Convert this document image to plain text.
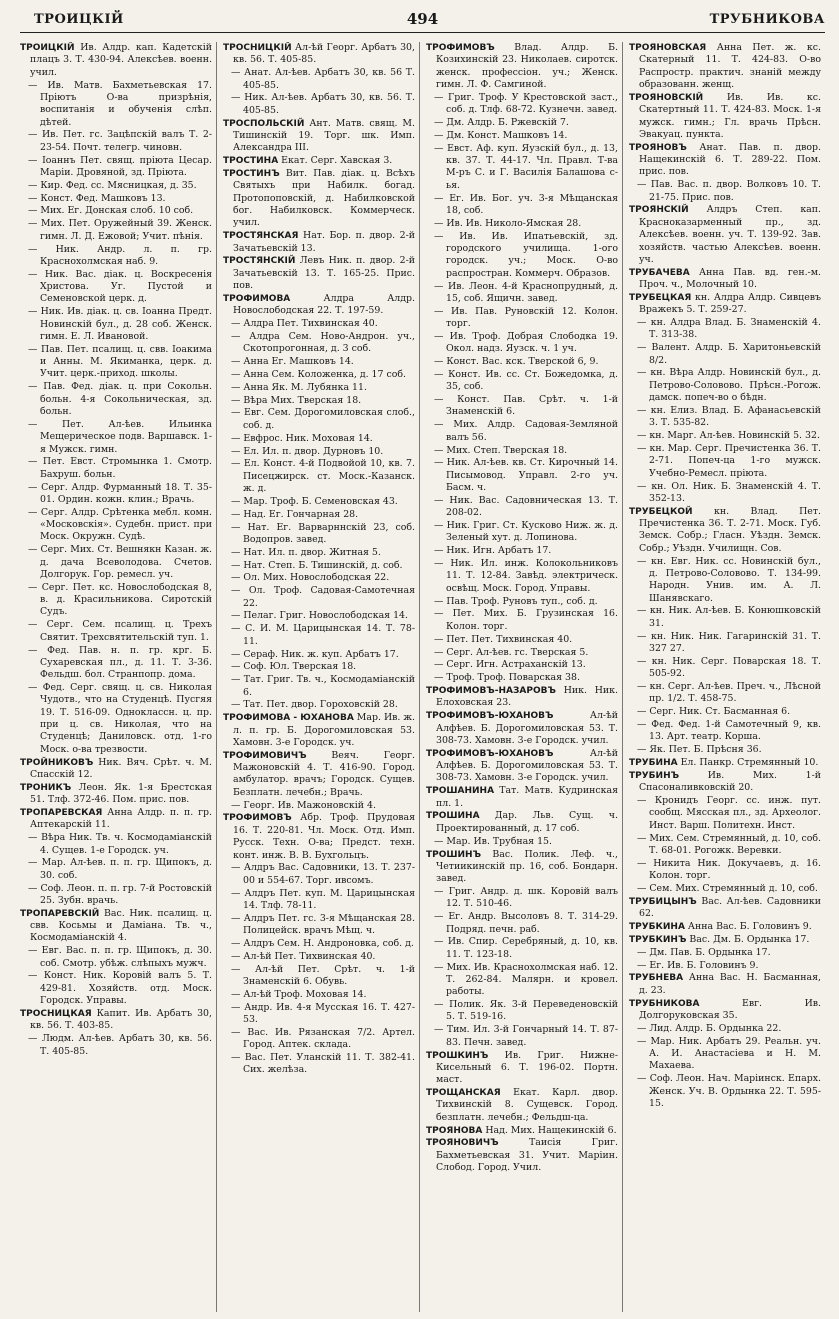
ТРОИЦКІЙ	494	ТРУБНИКОВА
ТРОИЦКІЙ Ив. Алдр. кап. Кадетскій плацъ 3. Т. 430-94. Алексѣев. военн. учил.
— Ив. Матв. Бахметьевская 17. Пріютъ О-ва призрѣнія, воспитанія и обученія слѣп. дѣтей.
— Ив. Пет. гс. Зацѣпскій валъ Т. 2-23-54. Почт. телегр. чиновн.
— Іоаннъ Пет. свящ. пріюта Цесар. Маріи. Дровяной, зд. Пріюта.
— Кир. Фед. сс. Мясницкая, д. 35.
— Конст. Фед. Машковъ 13.
— Мих. Ег. Донская слоб. 10 соб.
— Мих. Пет. Оружейный 39. Женск. гимн. Л. Д. Ежовой; Учит. пѣнія.
— Ник. Андр. л. п. гр. Краснохолмская наб. 9.
— Ник. Вас. діак. ц. Воскресенія Христова. Уг. Пустой и Семеновской церк. д.
— Ник. Ив. діак. ц. св. Іоанна Предт. Новинскій бул., д. 28 соб. Женск. гимн. Е. Л. Ивановой.
— Пав. Пет. псалищ. ц. свв. Іоакима и Анны. М. Якиманка, церк. д. Учит. церк.-приход. школы.
— Пав. Фед. діак. ц. при Сокольн. больн. 4-я Сокольническая, зд. больн.
— Пет. Ал-ѣев. Ильинка Мещерическое подв. Варшавск. 1-я Мужск. гимн.
— Пет. Евст. Стромынка 1. Смотр. Бахруш. больн.
— Серг. Алдр. Фурманный 18. Т. 35-01. Ордин. кожн. клин.; Врачь.
— Серг. Алдр. Срѣтенка мебл. комн. «Московскія». Судебн. прист. при Моск. Окружн. Судѣ.
— Серг. Мих. Ст. Вешнякн Казан. ж. д. дача Всеволодова. Счетов. Долгорук. Гор. ремесл. уч.
— Серг. Пет. кс. Новослободская 8, в. д. Красильникова. Сиротскій Судъ.
— Серг. Сем. псалищ. ц. Трехъ Святит. Трехсвятительскій туп. 1.
— Фед. Пав. н. п. гр. крг. Б. Сухаревская пл., д. 11. Т. 3-36. Фельдш. бол. Странпопр. дома.
— Фед. Серг. свящ. ц. св. Николая Чудотв., что на Студенцѣ. Пусгяя 19. Т. 516-09. Одноклассн. ц. пр. при ц. св. Николая, что на Студенцѣ; Даниловск. отд. 1-го Моск. о-ва трезвости.
ТРОЙНИКОВЪ Ник. Вяч. Срѣт. ч. М. Спасскій 12.
ТРОНИКЪ Леон. Як. 1-я Брестская 51. Тлф. 372-46. Пом. прис. пов.
ТРОПАРЕВСКАЯ Анна Алдр. п. п. гр. Аптекарскій 11.
— Вѣра Ник. Тв. ч. Космодаміанскій 4. Сущев. 1-е Городск. уч.
— Мар. Ал-ѣев. п. п. гр. Щипокъ, д. 30. соб.
— Соф. Леон. п. п. гр. 7-й Ростовскій 25. Зубн. врачь.
ТРОПАРЕВСКІЙ Вас. Ник. псалищ. ц. свв. Косьмы и Даміана. Тв. ч., Космодаміанскій 4.
— Евг. Вас. п. п. гр. Щипокъ, д. 30. соб. Смотр. убѣж. слѣпыхъ мужч.
— Конст. Ник. Коровій валъ 5. Т. 429-81. Хозяйств. отд. Моск. Городск. Управы.
ТРОСНИЦКАЯ Капит. Ив. Арбатъ 30, кв. 56. Т. 403-85.
— Людм. Ал-ѣев. Арбатъ 30, кв. 56. Т. 405-85.
ТРОСНИЦКІЙ Ал-ѣй Георг. Арбатъ 30, кв. 56. Т. 405-85.
— Анат. Ал-ѣев. Арбатъ 30, кв. 56 Т. 405-85.
— Ник. Ал-ѣев. Арбатъ 30, кв. 56. Т. 405-85.
ТРОСПОЛЬСКІЙ Ант. Матв. свящ. М. Тишинскій 19. Торг. шк. Имп. Александра III.
ТРОСТИНА Екат. Серг. Хавская 3.
ТРОСТИНЪ Вит. Пав. діак. ц. Всѣхъ Святыхъ при Набилк. богад. Протопоповскій, д. Набилковской бог. Набилковск. Коммерческ. учил.
ТРОСТЯНСКАЯ Нат. Бор. п. двор. 2-й Зачатьевскій 13.
ТРОСТЯНСКІЙ Левъ Ник. п. двор. 2-й Зачатьевскій 13. Т. 165-25. Прис. пов.
ТРОФИМОВА	Алдра Алдр. Новослободская 22. Т. 197-59.
— Алдра Пет. Тихвинская 40.
— Алдра Сем. Ново-Андрон. уч., Скотопрогонная, д. 3 соб.
— Анна Ег. Машковъ 14.
— Анна Сем. Коложенка, д. 17 соб.
— Анна Як. М. Лубянка 11.
— Вѣра Мих. Тверская 18.
— Евг. Сем. Дорогомиловская слоб., соб. д.
— Евфрос. Ник. Моховая 14.
— Ел. Ил. п. двор. Дурновъ 10.
— Ел. Конст. 4-й Подвойой 10, кв. 7. Писецжирск. ст. Моск.-Казанск. ж. д.
— Мар. Троф. Б. Семеновская 43.
— Над. Ег. Гончарная 28.
— Нат. Ег. Варварннскій 23, соб. Водопров. завед.
— Нат. Ил. п. двор. Житная 5.
— Нат. Степ. Б. Тишинскій, д. соб.
— Ол. Мих. Новослободская 22.
— Ол. Троф. Садовая-Самотечная 22.
— Пелаг. Григ. Новослободская 14.
— С. И. М. Царицынская 14. Т. 78-11.
— Сераф. Ник. ж. куп. Арбатъ 17.
— Соф. Юл. Тверская 18.
— Тат. Григ. Тв. ч., Космодаміанскій 6.
— Тат. Пет. двор. Гороховскій 28.
ТРОФИМОВА - ЮХАНОВА Мар. Ив. ж. л. п. гр. Б. Дорогомиловская 53. Хамовн. 3-е Городск. уч.
ТРОФИМОВИЧЪ	Веяч. Георг. Мажоновскій 4. Т. 416-90. Город. амбулатор. врачъ; Городск. Сущев. Безплатн. лечебн.; Врачь.
— Георг. Ив. Мажоновскій 4.
ТРОФИМОВЪ Абр. Троф. Прудовая 16. Т. 220-81. Чл. Моск. Отд. Имп. Русск. Техн. О-ва; Предст. техн. конт. инж. В. В. Бухгольцъ.
— Алдръ Вас. Садовники, 13. Т. 237-00 и 554-67. Торг. ивсомъ.
— Алдръ Пет. куп. М. Царицынская 14. Тлф. 78-11.
— Алдръ Пет. гс. 3-я Мѣщанская 28. Полицейск. врачъ Мѣщ. ч.
— Алдръ Сем. Н. Андроновка, соб. д.
— Ал-ѣй Пет. Тихвинская 40.
— Ал-ѣй Пет. Срѣт. ч. 1-й Знаменскій 6. Обувь.
— Ал-ѣй Троф. Моховая 14.
— Андр. Ив. 4-я Мусская 16. Т. 427-53.
— Вас. Ив. Рязанская 7/2. Артел. Город. Аптек. склада.
— Вас. Пет. Уланскій 11. Т. 382-41. Сих. желѣза.
ТРОФИМОВЪ Влад. Алдр. Б. Козихинскій 23. Николаев. сиротск. женск. профессіон. уч.; Женск. гимн. Л. Ф. Самгиной.
— Григ. Троф. У Крестовской заст., соб. д. Тлф. 68-72. Кузнечн. завед.
— Дм. Алдр. Б. Ржевскій 7.
— Дм. Конст. Машковъ 14.
— Евст. Аф. куп. Яузскій бул., д. 13, кв. 37. Т. 44-17. Чл. Правл. Т-ва М-ръ С. и Г. Василія Балашова с-ья.
— Ег. Ив. Бог. уч. 3-я Мѣщанская 18, соб.
— Ив. Ив. Николо-Ямская 28.
— Ив. Ив. Ипатьевскій, зд. городского училища. 1-ого городск. уч.; Моск. О-во распростран. Коммерч. Образов.
— Ив. Леон. 4-й Краснопрудный, д. 15, соб. Ящичн. завед.
— Ив. Пав. Руновскій 12. Колон. торг.
— Ив. Троф. Добрая Слободка 19. Окол. надз. Яузск. ч. 1 уч.
— Конст. Вас. кск. Тверской 6, 9.
— Конст. Ив. сс. Ст. Божедомка, д. 35, соб.
— Конст. Пав. Срѣт. ч. 1-й Знаменскій 6.
— Мих. Алдр. Садовая-Земляной валъ 56.
— Мих. Степ. Тверская 18.
— Ник. Ал-ѣев. кв. Ст. Кирочный 14. Писымовод. Управл. 2-го уч. Басм. ч.
— Ник. Вас. Садовническая 13. Т. 208-02.
— Ник. Григ. Ст. Кусково Ниж. ж. д. Зеленый хут. д. Лопинова.
— Ник. Игн. Арбатъ 17.
— Ник. Ил. инж. Колокольниковъ 11. Т. 12-84. Завѣд. электрическ. освѣщ. Моск. Город. Управы.
— Пав. Троф. Руновъ туп., соб. д.
— Пет. Мих. Б. Грузинская 16. Колон. торг.
— Пет. Пет. Тихвинская 40.
— Серг. Ал-ѣев. гс. Тверская 5.
— Серг. Игн. Астраханскій 13.
— Троф. Троф. Поварская 38.
ТРОФИМОВЪ-НАЗАРОВЪ Ник. Ник. Елоховская 23.
ТРОФИМОВЪ-ЮХАНОВЪ	Ал-ѣй Алфѣев. Б. Дорогомиловская 53. Т. 308-73. Хамовн. 3-е Городск. учил.
ТРОФИМОВЪ-ЮХАНОВЪ	Ал-ѣй Алфѣев. Б. Дорогомиловская 53. Т. 308-73. Хамовн. 3-е Городск. учил.
ТРОШАНИНА Тат. Матв. Кудринская пл. 1.
ТРОШИНА Дар. Льв. Сущ. ч. Проектированный, д. 17 соб.
— Мар. Ив. Трубная 15.
ТРОШИНЪ Вас. Полик. Леф. ч., Четиикинскій пр. 16, соб. Бондарн. завед.
— Григ. Андр. д. шк. Коровій валъ 12. Т. 510-46.
— Ег. Андр. Высоловъ 8. Т. 314-29. Подряд. печн. раб.
— Ив. Спир. Серебряный, д. 10, кв. 11. Т. 123-18.
— Мих. Ив. Краснохолмская наб. 12. Т. 262-84. Малярн. и кровел. работы.
— Полик. Як. 3-й Переведеновскій 5. Т. 519-16.
— Тим. Ил. 3-й Гончарный 14. Т. 87-83. Печн. завед.
ТРОШКИНЪ Ив. Григ. Нижне-Кисельный 6. Т. 196-02. Портн. маст.
ТРОЩАНСКАЯ Екат. Карл. двор. Тихвинскій 8. Сущевск. Город. безплатн. лечебн.; Фельдш-ца.
ТРОЯНОВА Над. Мих. Нащекинскій 6.
ТРОЯНОВИЧЪ	Таисія Григ. Бахметьевская 31. Учит. Маріин. Слобод. Город. Учил.
ТРОЯНОВСКАЯ Анна Пет. ж. кс. Скатерный 11. Т. 424-83. О-во Распростр. практич. знаній между образованн. женщ.
ТРОЯНОВСКІЙ	Ив. Ив. кс. Скатертный 11. Т. 424-83. Моск. 1-я мужск. гимн.; Гл. врачь Прѣсн. Эвакуац. пункта.
ТРОЯНОВЪ Анат. Пав. п. двор. Нащекинскій 6. Т. 289-22. Пом. прис. пов.
— Пав. Вас. п. двор. Волковъ 10. Т. 21-75. Прис. пов.
ТРОЯНСКІЙ Алдръ Степ. кап. Красноказарменный пр., зд. Алексѣев. военн. уч. Т. 139-92. Зав. хозяйств. частью Алексѣев. военн. уч.
ТРУБАЧЕВА Анна Пав. вд. ген.-м. Проч. ч., Молочный 10.
ТРУБЕЦКАЯ кн. Алдра Алдр. Сивцевъ Вражекъ 5. Т. 259-27.
— кн. Алдра Влад. Б. Знаменскій 4. Т. 313-38.
— Валент. Алдр. Б. Харитоньевскій 8/2.
— кн. Вѣра Алдр. Новинскій бул., д. Петрово-Соловово. Прѣсн.-Рогож. дамск. попеч-во о бѣдн.
— кн. Елиз. Влад. Б. Афанасьевскій 3. Т. 535-82.
— кн. Марг. Ал-ѣев. Новинскій 5. 32.
— кн. Мар. Серг. Пречистенка 36. Т. 2-71. Попеч-ца 1-го мужск. Учебно-Ремесл. пріюта.
— кн. Ол. Ник. Б. Знаменскій 4. Т. 352-13.
ТРУБЕЦКОЙ кн. Влад. Пет. Пречистенка 36. Т. 2-71. Моск. Губ. Земск. Собр.; Гласн. Уѣздн. Земск. Собр.; Уѣздн. Училищн. Сов.
— кн. Евг. Ник. сс. Новинскій бул., д. Петрово-Соловово. Т. 134-99. Народн. Унив. им. А. Л. Шанявскаго.
— кн. Ник. Ал-ѣев. Б. Конюшковскій 31.
— кн. Ник. Ник. Гагаринскій 31. Т. 327 27.
— кн. Ник. Серг. Поварская 18. Т. 505-92.
— кн. Серг. Ал-ѣев. Преч. ч., Лѣсной пр. 1/2. Т. 458-75.
— Серг. Ник. Ст. Басманная 6.
— Фед. Фед. 1-й Самотечный 9, кв. 13. Арт. театр. Корша.
— Як. Пет. Б. Прѣсня 36.
ТРУБИНА Ел. Панкр. Стремянный 10.
ТРУБИНЪ	Ив. Мих. 1-й Спасоналивковскій 20.
— Кронидъ Георг. сс. инж. пут. сообщ. Мясская пл., зд. Археолог. Инст. Варш. Политехн. Инст.
— Мих. Сем. Стремянный, д. 10, соб. Т. 68-01. Рогожк. Веревки.
— Никита Ник. Докучаевъ, д. 16. Колон. торг.
— Сем. Мих. Стремянный д. 10, соб.
ТРУБИЦЫНЪ Вас. Ал-ѣев. Садовники 62.
ТРУБКИНА Анна Вас. Б. Головинъ 9.
ТРУБКИНЪ Вас. Дм. Б. Ордынка 17.
— Дм. Пав. Б. Ордынка 17.
— Ег. Ив. Б. Головинъ 9.
ТРУБНЕВА Анна Вас. Н. Басманная, д. 23.
ТРУБНИКОВА	Евг. Ив. Долгоруковская 35.
— Лид. Алдр. Б. Ордынка 22.
— Мар. Ник. Арбатъ 29. Реальн. уч. А. И. Анастасіева и Н. М. Махаева.
— Соф. Леон. Нач. Марiинск. Епарх. Женск. Уч. В. Ордынка 22. Т. 595-15.
